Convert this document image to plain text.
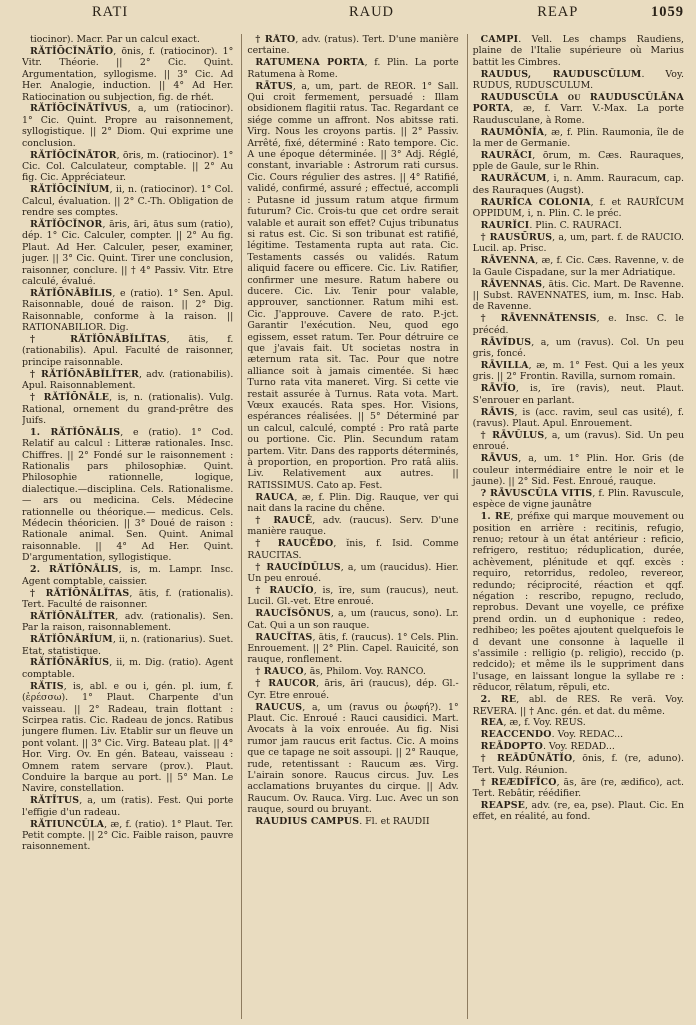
RATI	RAUD	REAP	1059

tiocinor). Macr. Par un calcul exact.

RĂTĬŌCĬNĀTĬO, ōnis, f. (ratiocinor). 1° Vitr. Théorie. || 2° Cic. Quint. Argumentation, syllogisme. || 3° Cic. Ad Her. Analogie, induction. || 4° Ad Her. Ratiocination ou subjection, fig. de rhét.

RĂTĬŌCĬNĀTĪVUS, a, um (ratiocinor). 1° Cic. Quint. Propre au raisonnement, syllogistique. || 2° Diom. Qui exprime une conclusion.

RĂTĬŌCĬNĀTOR, ōris, m. (ratiocinor). 1° Cic. Col. Calculateur, comptable. || 2° Au fig. Cic. Appréciateur.

RĂTĬŌCĬNĬUM, ii, n. (ratiocinor). 1° Col. Calcul, évaluation. || 2° C.-Th. Obligation de rendre ses comptes.

RĂTĬŌCĬNOR, āris, āri, ātus sum (ratio), dép. 1° Cic. Calculer, compter. || 2° Au fig. Plaut. Ad Her. Calculer, peser, examiner, juger. || 3° Cic. Quint. Tirer une conclusion, raisonner, conclure. || † 4° Passiv. Vitr. Etre calculé, évalué.

RĂTĬŌNĀBĬLIS, e (ratio). 1° Sen. Apul. Raisonnable, doué de raison. || 2° Dig. Raisonnable, conforme à la raison. || RATIONABILIOR. Dig.

† RĂTĬŌNĀBĬLĬTAS, ātis, f. (rationabilis). Apul. Faculté de raisonner, principe raisonnable.

† RĂTĬŌNĀBĬLĬTER, adv. (rationabilis). Apul. Raisonnablement.

† RĂTĬŌNĀLE, is, n. (rationalis). Vulg. Rational, ornement du grand-prêtre des Juifs.

1. RĂTĬŌNĀLIS, e (ratio). 1° Cod. Relatif au calcul : Litteræ rationales. Insc. Chiffres. || 2° Fondé sur le raisonnement : Rationalis pars philosophiæ. Quint. Philosophie rationnelle, logique, dialectique.—disciplina. Cels. Rationalisme.— ars ou medicina. Cels. Médecine rationnelle ou théorique.— medicus. Cels. Médecin théoricien. || 3° Doué de raison : Rationale animal. Sen. Quint. Animal raisonnable. || 4° Ad Her. Quint. D'argumentation, syllogistique.

2. RĂTĬŌNĀLIS, is, m. Lampr. Insc. Agent comptable, caissier.

† RĂTĬŌNĀLĬTAS, ātis, f. (rationalis). Tert. Faculté de raisonner.

RĂTĬŌNĀLĬTER, adv. (rationalis). Sen. Par la raison, raisonnablement.

RĂTĬŌNĀRĬUM, ii, n. (rationarius). Suet. Etat, statistique.

RĂTĬŌNĀRĬUS, ii, m. Dig. (ratio). Agent comptable.

RĂTIS, is, abl. e ou i, gén. pl. ium, f. (ἐρέσσω). 1° Plaut. Charpente d'un vaisseau. || 2° Radeau, train flottant : Scirpea ratis. Cic. Radeau de joncs. Ratibus jungere flumen. Liv. Etablir sur un fleuve un pont volant. || 3° Cic. Virg. Bateau plat. || 4° Hor. Virg. Ov. En gén. Bateau, vaisseau : Omnem ratem servare (prov.). Plaut. Conduire la barque au port. || 5° Man. Le Navire, constellation.

RĂTĪTUS, a, um (ratis). Fest. Qui porte l'effigie d'un radeau.

RĂTIUNCŬLA, æ, f. (ratio). 1° Plaut. Ter. Petit compte. || 2° Cic. Faible raison, pauvre raisonnement.

† RĀTO, adv. (ratus). Tert. D'une manière certaine.

RATUMENA PORTA, f. Plin. La porte Ratumena à Rome.

RĀTUS, a, um, part. de REOR. 1° Sall. Qui croit fermement, persuadé : Illam obsidionem flagitii ratus. Tac. Regardant ce siége comme un affront. Nos abitsse rati. Virg. Nous les croyons partis. || 2° Passiv. Arrêté, fixé, déterminé : Rato tempore. Cic. A une époque déterminée. || 3° Adj. Réglé, constant, invariable : Astrorum rati cursus. Cic. Cours régulier des astres. || 4° Ratifié, validé, confirmé, assuré ; effectué, accompli : Putasne id jussum ratum atque firmum futurum? Cic. Crois-tu que cet ordre serait valable et aurait son effet? Cujus tribunatus si ratus est. Cic. Si son tribunat est ratifié, légitime. Testamenta rupta aut rata. Cic. Testaments cassés ou validés. Ratum aliquid facere ou efficere. Cic. Liv. Ratifier, confirmer une mesure. Ratum habere ou ducere. Cic. Liv. Tenir pour valable, approuver, sanctionner. Ratum mihi est. Cic. J'approuve. Cavere de rato. P.-jct. Garantir l'exécution. Neu, quod ego egissem, esset ratum. Ter. Pour détruire ce que j'avais fait. Ut societas nostra in æternum rata sit. Tac. Pour que notre alliance soit à jamais cimentée. Si hæc Turno rata vita maneret. Virg. Si cette vie restait assurée à Turnus. Rata vota. Mart. Vœux exaucés. Rata spes. Hor. Visions, espérances réalisées. || 5° Déterminé par un calcul, calculé, compté : Pro ratâ parte ou portione. Cic. Plin. Secundum ratam partem. Vitr. Dans des rapports déterminés, à proportion, en proportion. Pro ratâ aliis. Liv. Relativement aux autres. || RATISSIMUS. Cato ap. Fest.

RAUCA, æ, f. Plin. Dig. Rauque, ver qui nait dans la racine du chêne.

† RAUCĒ, adv. (raucus). Serv. D'une manière rauque.

† RAUCĒDO, ĭnis, f. Isid. Comme RAUCITAS.

† RAUCĬDŬLUS, a, um (raucidus). Hier. Un peu enroué.

† RAUCĬO, is, īre, sum (raucus), neut. Lucil. Gl.-vet. Etre enroué.

RAUCĬSŎNUS, a, um (raucus, sono). Lr. Cat. Qui a un son rauque.

RAUCĬTAS, ātis, f. (raucus). 1° Cels. Plin. Enrouement. || 2° Plin. Capel. Rauicité, son rauque, ronflement.

† RAUCO, ās, Philom. Voy. RANCO.

† RAUCOR, āris, āri (raucus), dép. Gl.-Cyr. Etre enroué.

RAUCUS, a, um (ravus ou ῥωφή?). 1° Plaut. Cic. Enroué : Rauci causidici. Mart. Avocats à la voix enrouée. Au fig. Nisi rumor jam raucus erit factus. Cic. A moins que ce tapage ne soit assoupi. || 2° Rauque, rude, retentissant : Raucum æs. Virg. L'airain sonore. Raucus circus. Juv. Les acclamations bruyantes du cirque. || Adv. Raucum. Ov. Rauca. Virg. Luc. Avec un son rauque, sourd ou bruyant.

RAUDIUS CAMPUS. Fl. et RAUDII

CAMPI. Vell. Les champs Raudiens, plaine de l'Italie supérieure où Marius battit les Cimbres.

RAUDUS, RAUDUSCŬLUM. Voy. RUDUS, RUDUSCULUM.

RAUDUSCŬLA ou RAUDUSCŬLĀNA PORTA, æ, f. Varr. V.-Max. La porte Raudusculane, à Rome.

RAUMŌNĬA, æ, f. Plin. Raumonia, île de la mer de Germanie.

RAURĂCI, ōrum, m. Cæs. Rauraques, pple de Gaule, sur le Rhin.

RAURĂCUM, i, n. Amm. Rauracum, cap. des Rauraques (Augst).

RAURĬCA COLONIA, f. et RAURĬCUM OPPIDUM, i, n. Plin. C. le préc.

RAURĬCI. Plin. C. RAURACI.

† RAUSŪRUS, a, um, part. f. de RAUCIO. Lucil. ap. Prisc.

RĀVENNA, æ, f. Cic. Cæs. Ravenne, v. de la Gaule Cispadane, sur la mer Adriatique.

RĀVENNAS, ātis. Cic. Mart. De Ravenne. || Subst. RAVENNATES, ium, m. Insc. Hab. de Ravenne.

† RĀVENNĀTENSIS, e. Insc. C. le précéd.

RĀVĬDUS, a, um (ravus). Col. Un peu gris, foncé.

RĀVILLA, æ, m. 1° Fest. Qui a les yeux gris. || 2° Frontin. Ravilla, surnom romain.

RĀVĬO, is, īre (ravis), neut. Plaut. S'enrouer en parlant.

RĀVIS, is (acc. ravim, seul cas usité), f. (ravus). Plaut. Apul. Enrouement.

† RĀVŬLUS, a, um (ravus). Sid. Un peu enroué.

RĀVUS, a, um. 1° Plin. Hor. Gris (de couleur intermédiaire entre le noir et le jaune). || 2° Sid. Fest. Enroué, rauque.

? RĀVUSCŬLA VITIS, f. Plin. Ravuscule, espèce de vigne jaunâtre

1. RE, préfixe qui marque mouvement ou position en arrière : recitinis, refugio, renuo; retour à un état antérieur : reficio, refrigero, restituo; réduplication, durée, achèvement, plénitude et qqf. excès : requiro, retorridus, redoleo, revereor, redundo; réciprocité, réaction et qqf. négation : rescribo, repugno, recludo, reprobus. Devant une voyelle, ce préfixe prend ordin. un d euphonique : redeo, redhibeo; les poëtes ajoutent quelquefois le d devant une consonne à laquelle il s'assimile : relligio (p. religio), reccido (p. redcido); et même ils le suppriment dans l'usage, en laissant longue la syllabe re : rēducor, rēlatum, rēpuli, etc.

2. RE, abl. de RES. Re verā. Voy. REVERA. || † Anc. gén. et dat. du même.

REA, æ, f. Voy. REUS.

REACCENDO. Voy. REDAC...

REĀDOPTO. Voy. REDAD...

† REĀDŪNĀTĬO, ōnis, f. (re, aduno). Tert. Vulg. Réunion.

† REÆDĬFĬCO, ās, āre (re, ædifico), act. Tert. Rebâtir, réédifier.

REAPSE, adv. (re, ea, pse). Plaut. Cic. En effet, en réalité, au fond.
